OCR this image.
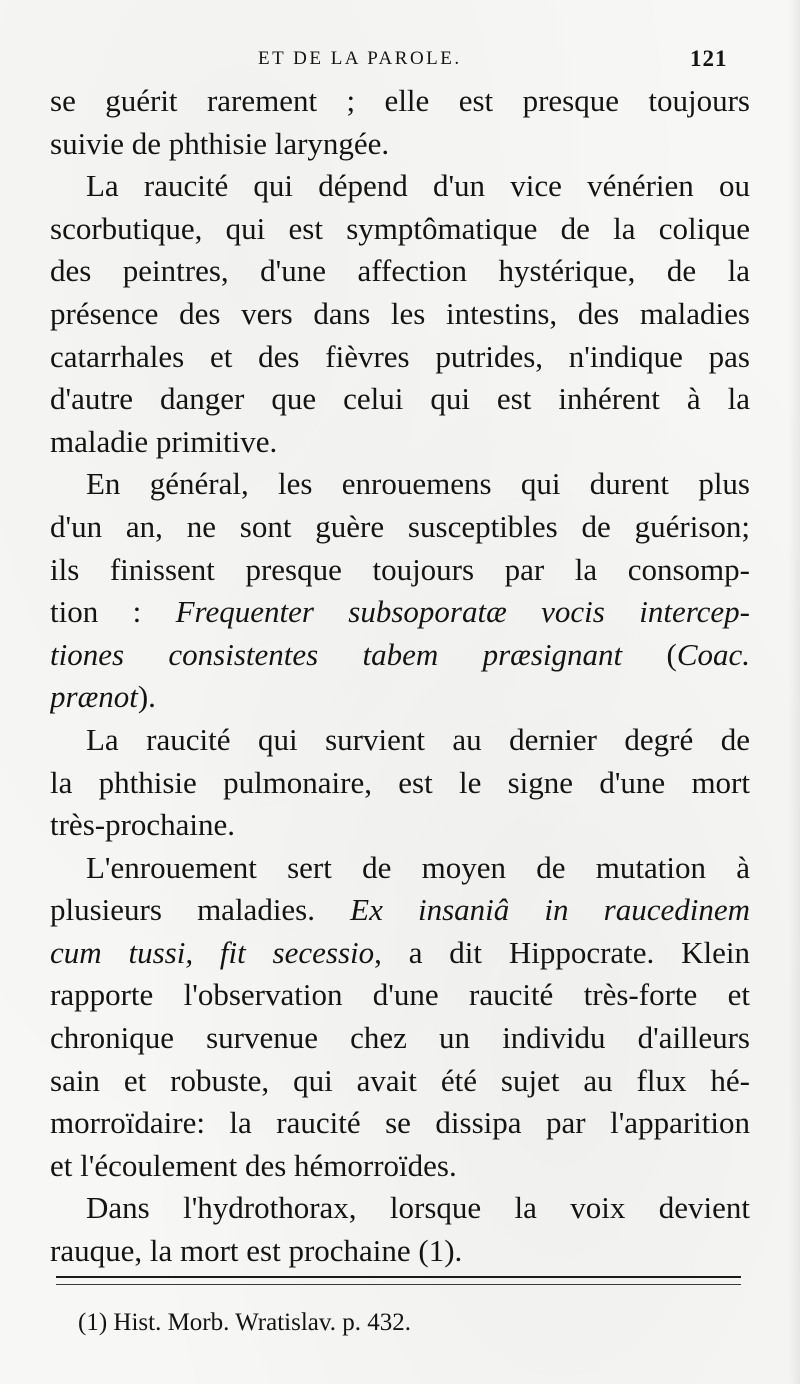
ET DE LA PAROLE.	121
se guérit rarement ; elle est presque toujours
suivie de phthisie laryngée.
La raucité qui dépend d'un vice vénérien ou
scorbutique, qui est symptômatique de la colique
des peintres, d'une affection hystérique, de la
présence des vers dans les intestins, des maladies
catarrhales et des fièvres putrides, n'indique pas
d'autre danger que celui qui est inhérent à la
maladie primitive.
En général, les enrouemens qui durent plus
d'un an, ne sont guère susceptibles de guérison;
ils finissent presque toujours par la consomp-
tion : Frequenter subsoporatæ vocis intercep-
tiones consistentes tabem præsignant (Coac.
prænot).
La raucité qui survient au dernier degré de
la phthisie pulmonaire, est le signe d'une mort
très-prochaine.
L'enrouement sert de moyen de mutation à
plusieurs maladies. Ex insaniâ in raucedinem
cum tussi, fit secessio, a dit Hippocrate. Klein
rapporte l'observation d'une raucité très-forte et
chronique survenue chez un individu d'ailleurs
sain et robuste, qui avait été sujet au flux hé-
morroïdaire: la raucité se dissipa par l'apparition
et l'écoulement des hémorroïdes.
Dans l'hydrothorax, lorsque la voix devient
rauque, la mort est prochaine (1).
(1) Hist. Morb. Wratislav. p. 432.
